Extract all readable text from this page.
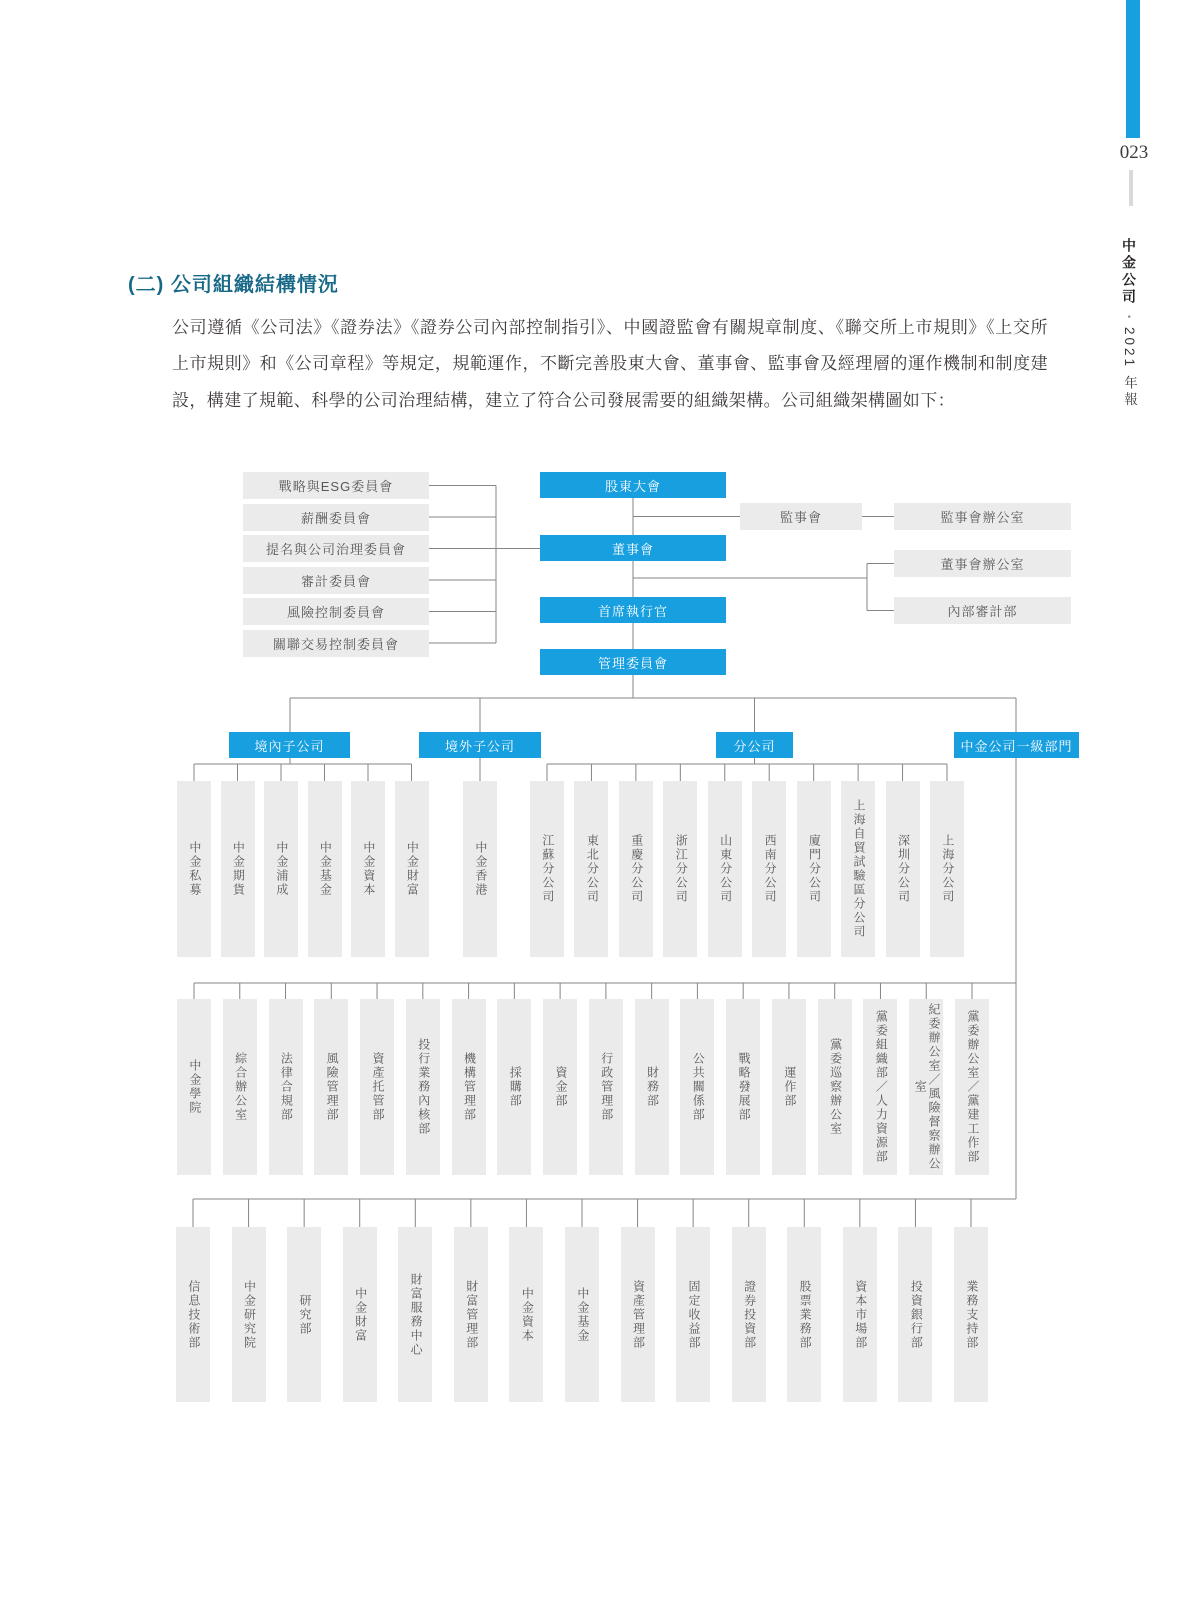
023
中金公司
•
2021 年報
(二) 公司組織結構情況
公司遵循《公司法》《證券法》《證券公司內部控制指引》、中國證監會有關規章制度、《聯交所上市規則》《上交所上市規則》和《公司章程》等規定，規範運作，不斷完善股東大會、董事會、監事會及經理層的運作機制和制度建設，構建了規範、科學的公司治理結構，建立了符合公司發展需要的組織架構。公司組織架構圖如下：
戰略與ESG委員會
薪酬委員會
提名與公司治理委員會
審計委員會
風險控制委員會
關聯交易控制委員會
股東大會
董事會
首席執行官
管理委員會
監事會	監事會辦公室
董事會辦公室
內部審計部
境內子公司	境外子公司	分公司	中金公司一級部門
中金私募 中金期貨 中金浦成 中金基金 中金資本 中金財富	中金香港	江蘇分公司	東北分公司	重慶分公司	浙江分公司	山東分公司	西南分公司	廈門分公司	上海自貿試驗區分公司	深圳分公司	上海分公司
中金學院	綜合辦公室	法律合規部	風險管理部	資產托管部	投行業務內核部	機構管理部	採購部	資金部	行政管理部	財務部	公共關係部	戰略發展部	運作部	黨委巡察辦公室	黨委組織部／人力資源部	紀委辦公室／風險督察辦公室	黨委辦公室／黨建工作部
信息技術部	中金研究院	研究部	中金財富	財富服務中心	財富管理部	中金資本	中金基金	資產管理部	固定收益部	證券投資部	股票業務部	資本市場部	投資銀行部	業務支持部
